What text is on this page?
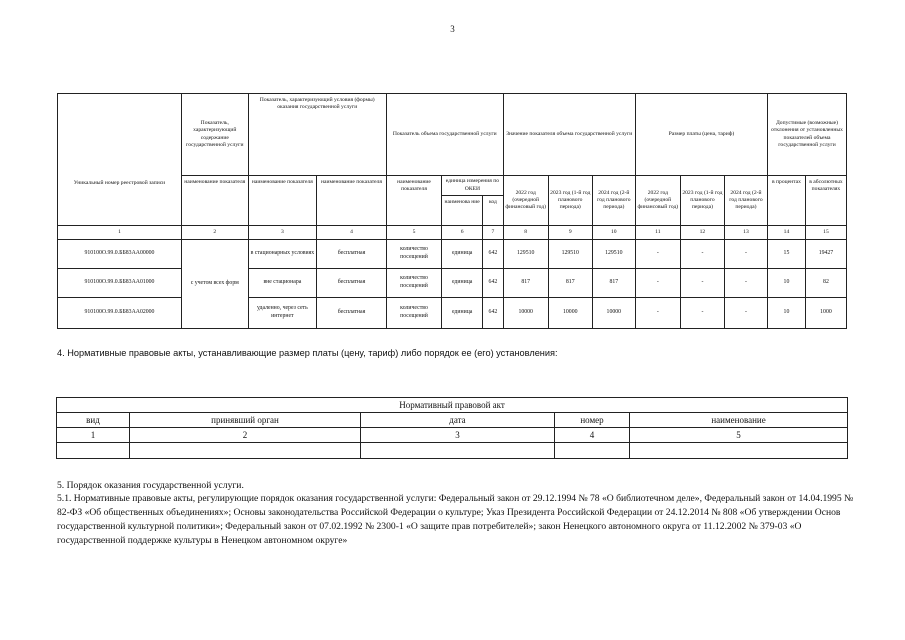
3
Уникальный номер реестровой записи	Показатель, характеризующий содержание государственной услуги	Показатель, характеризующий условия (формы) оказания государственной услуги		Показатель объема государственной услуги			Значение показателя объема государственной услуги			Размер платы (цена, тариф)			Допустимые (возможные) отклонения от установленных показателей объема государственной услуги	
	наименование показателя	наименование показателя	наименование показателя	наименование показателя	единица измерения по ОКЕИ		2022 год (очередной финансовый год)	2023 год (1-й год планового периода)	2024 год (2-й год планового периода)	2022 год (очередной финансовый год)	2023 год (1-й год планового периода)	2024 год (2-й год планового периода)	в процентах	в абсолютных показателях
					наименова ние	код								
1	2	3	4	5	6	7	8	9	10	11	12	13	14	15
910100О.99.0.ББ83АА00000	с учетом всех форм	в стационарных условиях	бесплатная	количество посещений	единица	642	129510	129510	129510	-	-	-	15	19427
910100О.99.0.ББ83АА01000		вне стационара	бесплатная	количество посещений	единица	642	817	817	817	-	-	-	10	82
910100О.99.0.ББ83АА02000		удаленно, через сеть интернет	бесплатная	количество посещений	единица	642	10000	10000	10000	-	-	-	10	1000
4. Нормативные правовые акты, устанавливающие размер платы (цену, тариф) либо порядок ее (его) установления:
Нормативный правовой акт				
вид	принявший орган	дата	номер	наименование
1	2	3	4	5

5. Порядок оказания государственной услуги.
5.1. Нормативные правовые акты, регулирующие порядок оказания государственной услуги: Федеральный закон от 29.12.1994 № 78 «О библиотечном деле», Федеральный закон от 14.04.1995 № 82-ФЗ «Об общественных объединениях»; Основы законодательства Российской Федерации о культуре; Указ Президента Российской Федерации от 24.12.2014 № 808 «Об утверждении Основ государственной культурной политики»; Федеральный закон от 07.02.1992 № 2300-1 «О защите прав потребителей»; закон Ненецкого автономного округа от 11.12.2002 № 379-03 «О государственной поддержке культуры в Ненецком автономном округе»
